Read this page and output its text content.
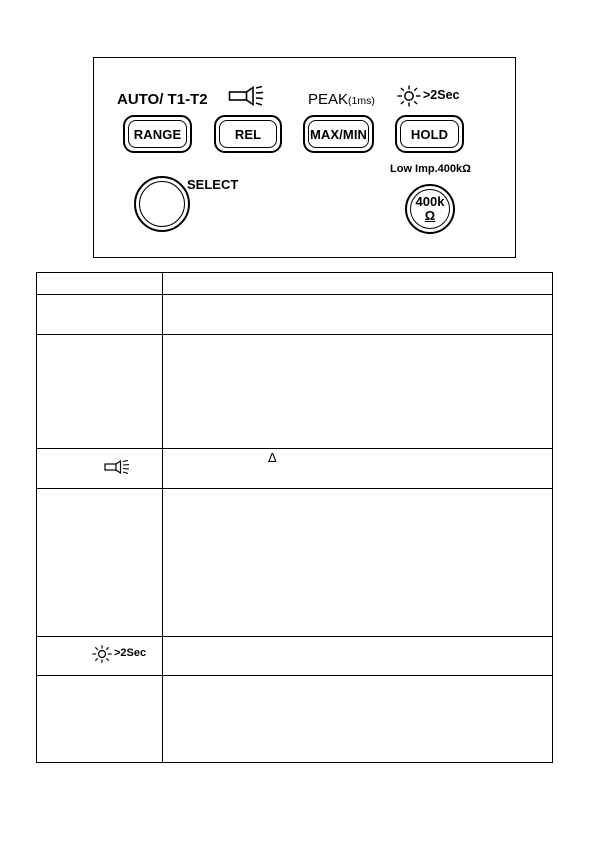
AUTO/ T1-T2	PEAK(1ms)	>2Sec
RANGE	REL	MAX/MIN	HOLD
SELECT
Low Imp.400kΩ
400k
Ω
Δ
>2Sec
